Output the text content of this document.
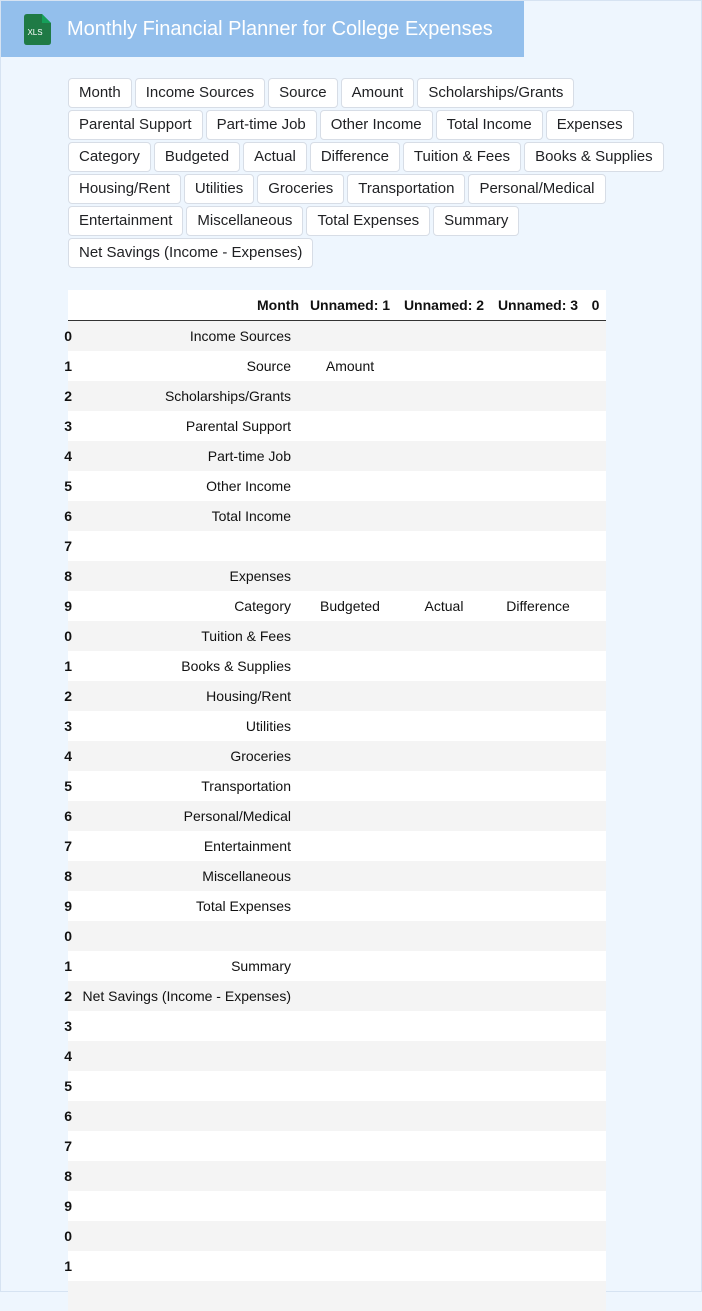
XLS Monthly Financial Planner for College Expenses
Month	Income Sources	Source	Amount	Scholarships/Grants
Parental Support	Part-time Job	Other Income	Total Income	Expenses
Category	Budgeted	Actual	Difference	Tuition & Fees	Books & Supplies
Housing/Rent	Utilities	Groceries	Transportation	Personal/Medical
Entertainment	Miscellaneous	Total Expenses	Summary
Net Savings (Income - Expenses)
	Month	Unnamed: 1	Unnamed: 2	Unnamed: 3	0
0	Income Sources				
1	Source	Amount			
2	Scholarships/Grants				
3	Parental Support				
4	Part-time Job				
5	Other Income				
6	Total Income				
7					
8	Expenses				
9	Category	Budgeted	Actual	Difference	
0	Tuition & Fees				
1	Books & Supplies				
2	Housing/Rent				
3	Utilities				
4	Groceries				
5	Transportation				
6	Personal/Medical				
7	Entertainment				
8	Miscellaneous				
9	Total Expenses				
0					
1	Summary				
2	Net Savings (Income - Expenses)				
3					
4					
5					
6					
7					
8					
9					
0					
1					
